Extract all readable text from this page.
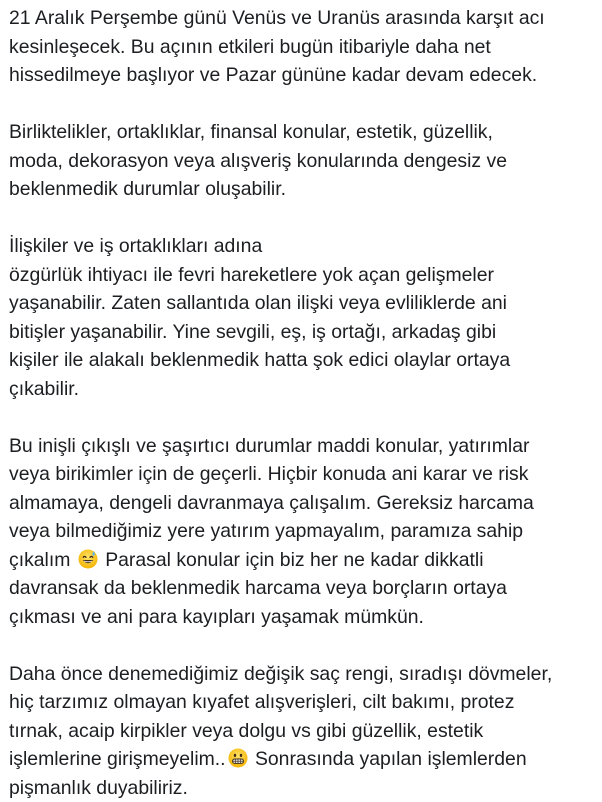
21 Aralık Perşembe günü Venüs ve Uranüs arasında karşıt acı
kesinleşecek. Bu açının etkileri bugün itibariyle daha net
hissedilmeye başlıyor ve Pazar gününe kadar devam edecek.
Birliktelikler, ortaklıklar, finansal konular, estetik, güzellik,
moda, dekorasyon veya alışveriş konularında dengesiz ve
beklenmedik durumlar oluşabilir.
İlişkiler ve iş ortaklıkları adına
özgürlük ihtiyacı ile fevri hareketlere yok açan gelişmeler
yaşanabilir. Zaten sallantıda olan ilişki veya evliliklerde ani
bitişler yaşanabilir. Yine sevgili, eş, iş ortağı, arkadaş gibi
kişiler ile alakalı beklenmedik hatta şok edici olaylar ortaya
çıkabilir.
Bu inişli çıkışlı ve şaşırtıcı durumlar maddi konular, yatırımlar
veya birikimler için de geçerli. Hiçbir konuda ani karar ve risk
almamaya, dengeli davranmaya çalışalım. Gereksiz harcama
veya bilmediğimiz yere yatırım yapmayalım, paramıza sahip
çıkalım Parasal konular için biz her ne kadar dikkatli
davransak da beklenmedik harcama veya borçların ortaya
çıkması ve ani para kayıpları yaşamak mümkün.
Daha önce denemediğimiz değişik saç rengi, sıradışı dövmeler,
hiç tarzımız olmayan kıyafet alışverişleri, cilt bakımı, protez
tırnak, acaip kirpikler veya dolgu vs gibi güzellik, estetik
işlemlerine girişmeyelim.. Sonrasında yapılan işlemlerden
pişmanlık duyabiliriz.
